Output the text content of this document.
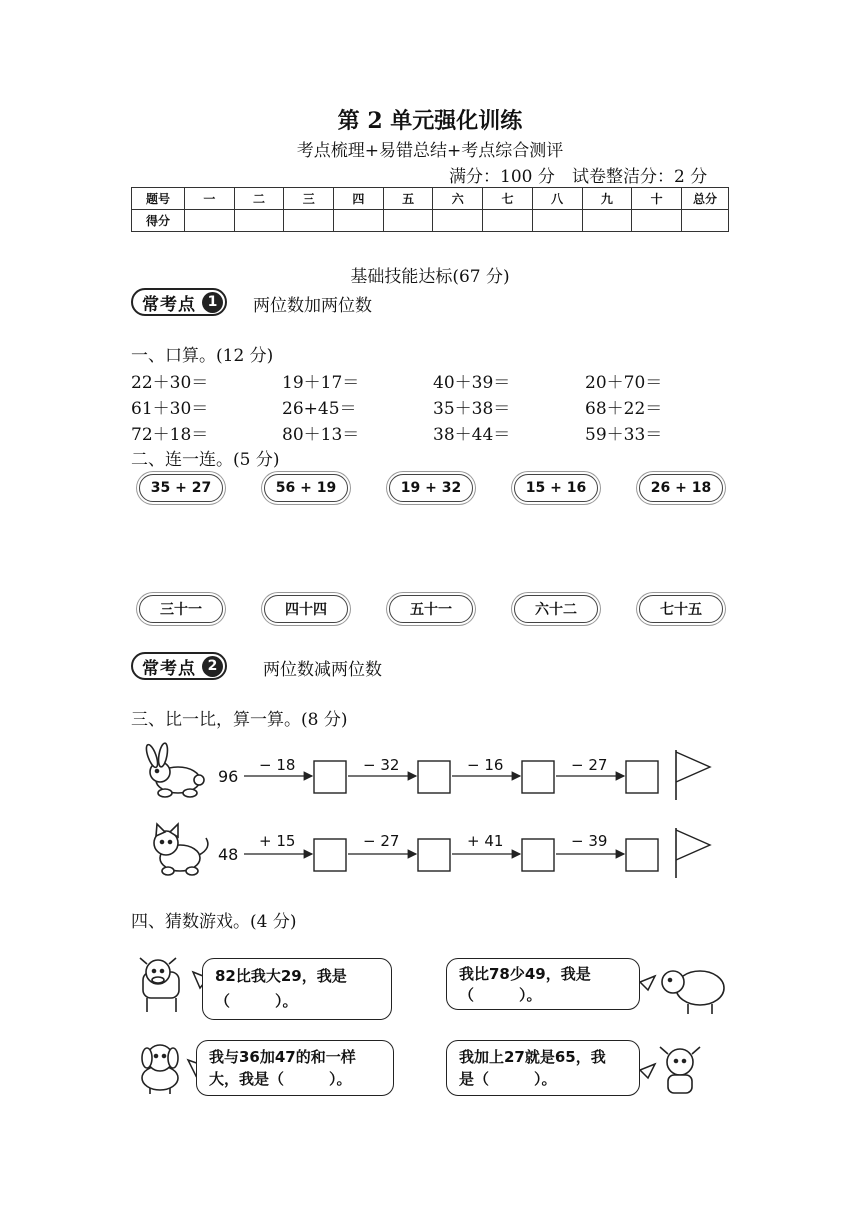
第 2 单元强化训练
考点梳理+易错总结+考点综合测评
满分：100 分 试卷整洁分：2 分
题号	一	二	三	四	五	六	七	八	九	十	总分
得分											
基础技能达标(67 分)
常考点 1	两位数加两位数
一、口算。(12 分)
22＋30＝	19＋17＝	40＋39＝	20＋70＝
61＋30＝	26+45＝	35＋38＝	68＋22＝
72＋18＝	80＋13＝	38＋44＝	59＋33＝
二、连一连。(5 分)
35 + 27	56 + 19	19 + 32	15 + 16	26 + 18
三十一	四十四	五十一	六十二	七十五
常考点 2	两位数减两位数
三、比一比，算一算。(8 分)
96
− 18	− 32	− 16	− 27
48
+ 15	− 27	+ 41	− 39
四、猜数游戏。(4 分)
82比我大29，我是
（　　　）。
我比78少49，我是
（　　　）。
我与36加47的和一样
大，我是（　　　）。
我加上27就是65，我
是（　　　）。
